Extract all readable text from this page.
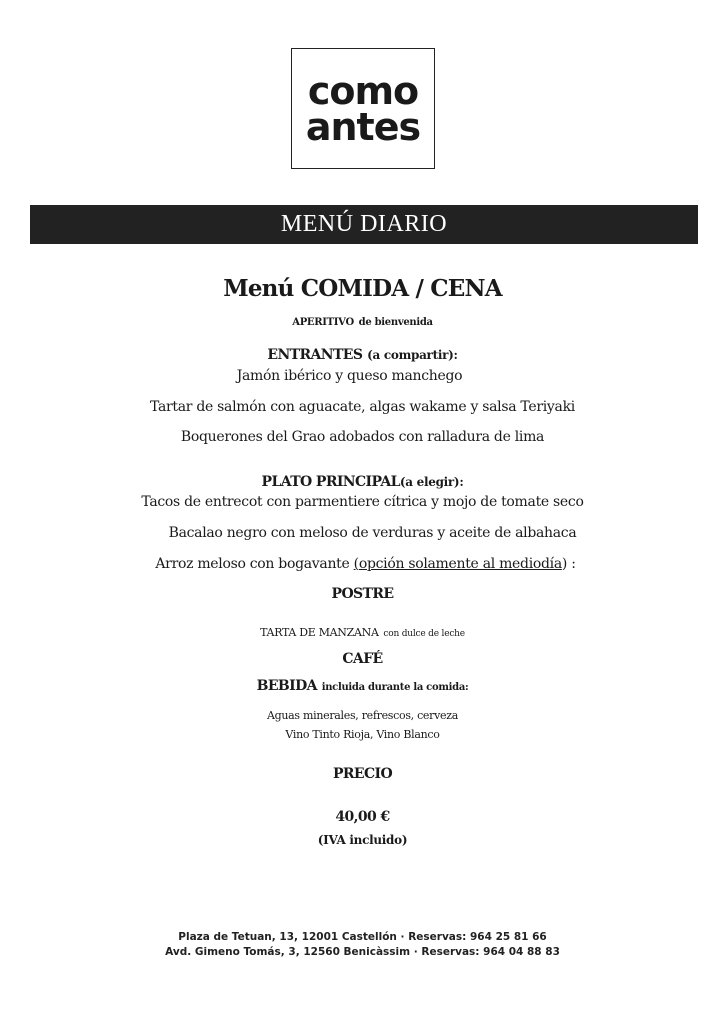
como
antes
MENÚ DIARIO
Menú COMIDA / CENA
APERITIVO de bienvenida
ENTRANTES (a compartir):
Jamón ibérico y queso manchego
Tartar de salmón con aguacate, algas wakame y salsa Teriyaki
Boquerones del Grao adobados con ralladura de lima
PLATO PRINCIPAL(a elegir):
Tacos de entrecot con parmentiere cítrica y mojo de tomate seco
Bacalao negro con meloso de verduras y aceite de albahaca
Arroz meloso con bogavante (opción solamente al mediodía) :
POSTRE
TARTA DE MANZANA con dulce de leche
CAFÉ
BEBIDA incluida durante la comida:
Aguas minerales, refrescos, cerveza
Vino Tinto Rioja, Vino Blanco
PRECIO
40,00 €
(IVA incluido)
Plaza de Tetuan, 13, 12001 Castellón · Reservas: 964 25 81 66
Avd. Gimeno Tomás, 3, 12560 Benicàssim · Reservas: 964 04 88 83
